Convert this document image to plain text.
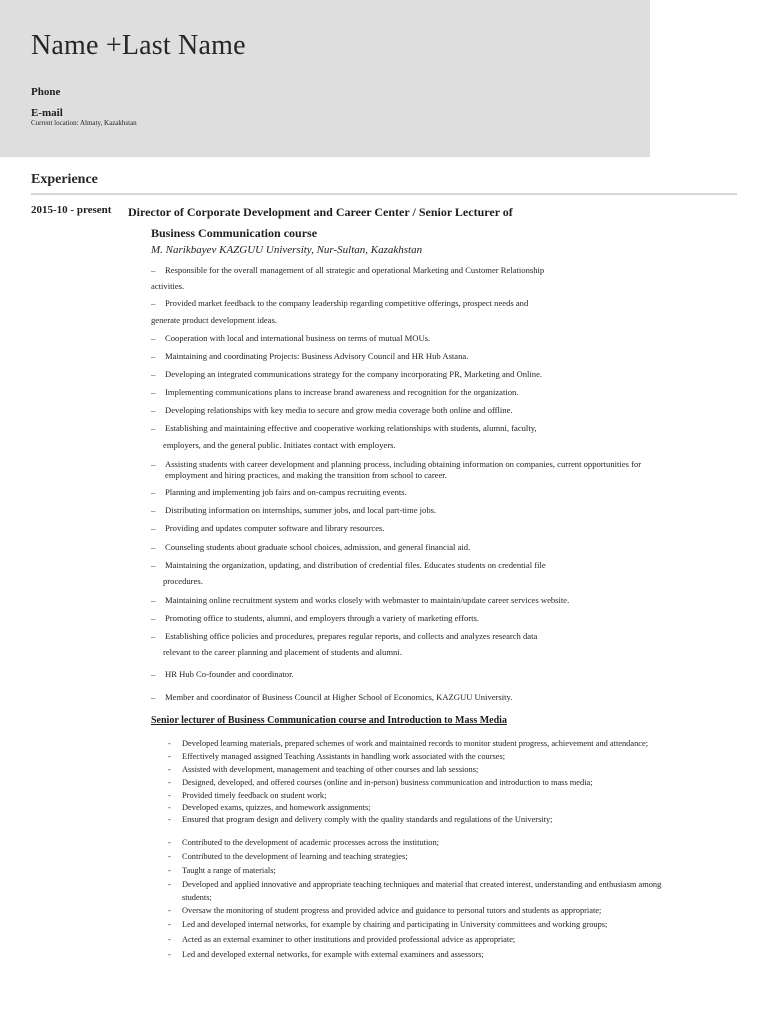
Name +Last Name
Phone
E-mail
Current location: Almaty, Kazakhstan
Experience
2015-10 - present Director of Corporate Development and Career Center / Senior Lecturer of
Business Communication course
M. Narikbayev KAZGUU University, Nur-Sultan, Kazakhstan
– Responsible for the overall management of all strategic and operational Marketing and Customer Relationship
activities.
– Provided market feedback to the company leadership regarding competitive offerings, prospect needs and
generate product development ideas.
– Cooperation with local and international business on terms of mutual MOUs.
– Maintaining and coordinating Projects: Business Advisory Council and HR Hub Astana.
– Developing an integrated communications strategy for the company incorporating PR, Marketing and Online.
– Implementing communications plans to increase brand awareness and recognition for the organization.
– Developing relationships with key media to secure and grow media coverage both online and offline.
– Establishing and maintaining effective and cooperative working relationships with students, alumni, faculty,
employers, and the general public. Initiates contact with employers.
– Assisting students with career development and planning process, including obtaining information on companies, current opportunities for
employment and hiring practices, and making the transition from school to career.
– Planning and implementing job fairs and on-campus recruiting events.
– Distributing information on internships, summer jobs, and local part-time jobs.
– Providing and updates computer software and library resources.
– Counseling students about graduate school choices, admission, and general financial aid.
– Maintaining the organization, updating, and distribution of credential files. Educates students on credential file
procedures.
– Maintaining online recruitment system and works closely with webmaster to maintain/update career services website.
– Promoting office to students, alumni, and employers through a variety of marketing efforts.
– Establishing office policies and procedures, prepares regular reports, and collects and analyzes research data
relevant to the career planning and placement of students and alumni.
– HR Hub Co-founder and coordinator.
– Member and coordinator of Business Council at Higher School of Economics, KAZGUU University.
Senior lecturer of Business Communication course and Introduction to Mass Media
- Developed learning materials, prepared schemes of work and maintained records to monitor student progress, achievement and attendance;
- Effectively managed assigned Teaching Assistants in handling work associated with the courses;
- Assisted with development, management and teaching of other courses and lab sessions;
- Designed, developed, and offered courses (online and in-person) business communication and introduction to mass media;
- Provided timely feedback on student work;
- Developed exams, quizzes, and homework assignments;
- Ensured that program design and delivery comply with the quality standards and regulations of the University;
- Contributed to the development of academic processes across the institution;
- Contributed to the development of learning and teaching strategies;
- Taught a range of materials;
- Developed and applied innovative and appropriate teaching techniques and material that created interest, understanding and enthusiasm among
students;
- Oversaw the monitoring of student progress and provided advice and guidance to personal tutors and students as appropriate;
- Led and developed internal networks, for example by chairing and participating in University committees and working groups;
- Acted as an external examiner to other institutions and provided professional advice as appropriate;
- Led and developed external networks, for example with external examiners and assessors;
